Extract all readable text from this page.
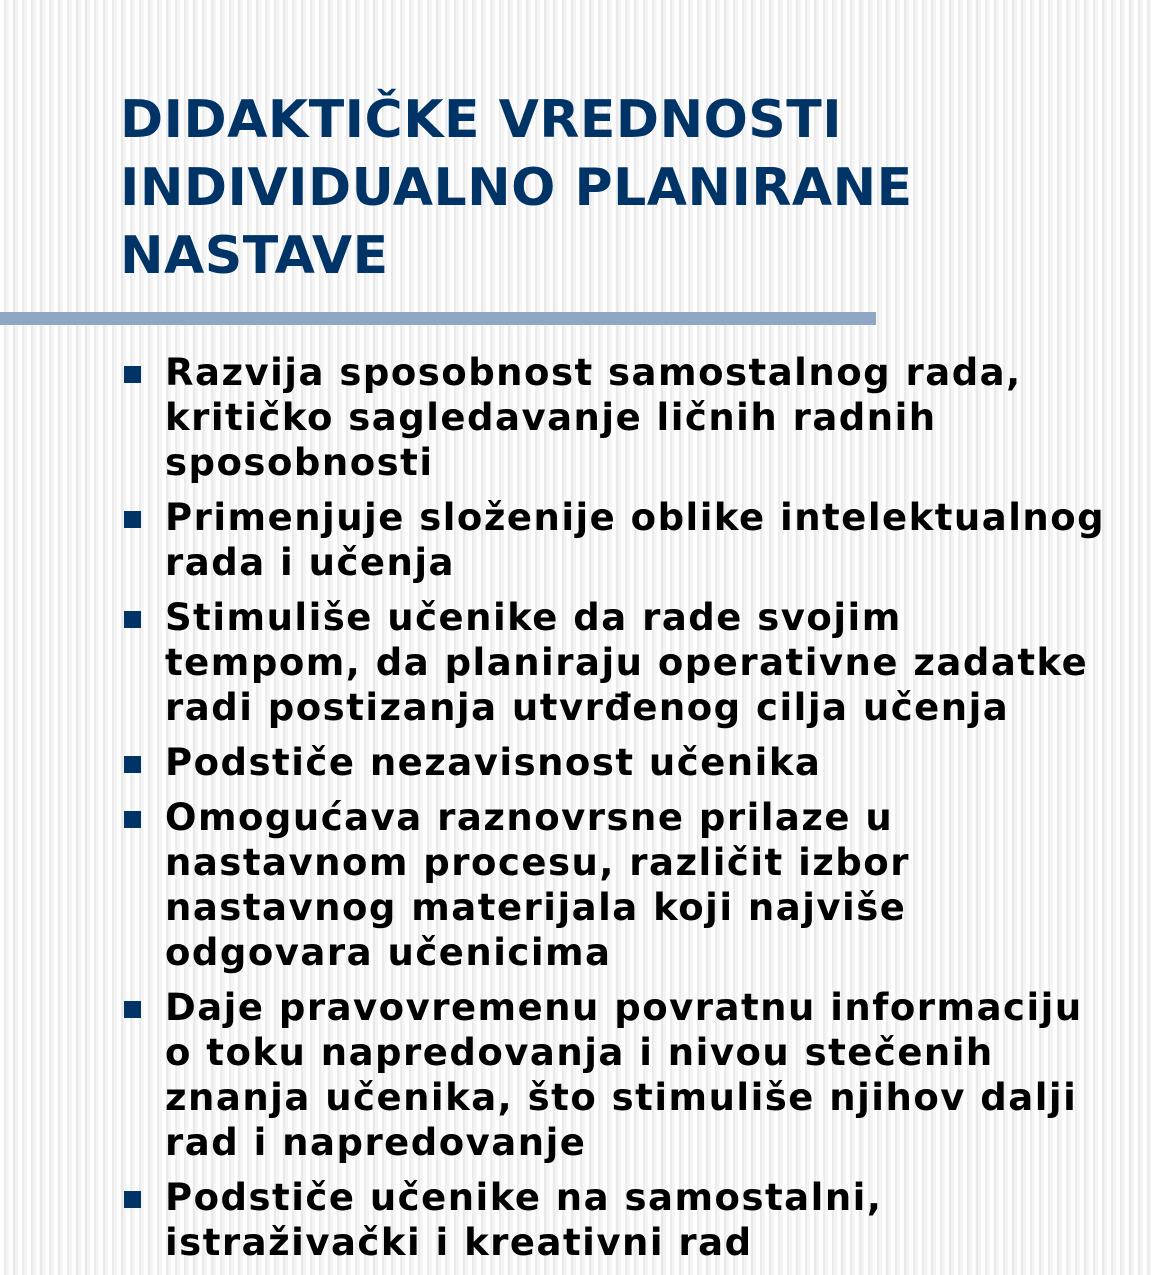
DIDAKTIČKE VREDNOSTI
INDIVIDUALNO PLANIRANE
NASTAVE
Razvija sposobnost samostalnog rada,
kritičko sagledavanje ličnih radnih
sposobnosti
Primenjuje složenije oblike intelektualnog
rada i učenja
Stimuliše učenike da rade svojim
tempom, da planiraju operativne zadatke
radi postizanja utvrđenog cilja učenja
Podstiče nezavisnost učenika
Omogućava raznovrsne prilaze u
nastavnom procesu, različit izbor
nastavnog materijala koji najviše
odgovara učenicima
Daje pravovremenu povratnu informaciju
o toku napredovanja i nivou stečenih
znanja učenika, što stimuliše njihov dalji
rad i napredovanje
Podstiče učenike na samostalni,
istraživački i kreativni rad
